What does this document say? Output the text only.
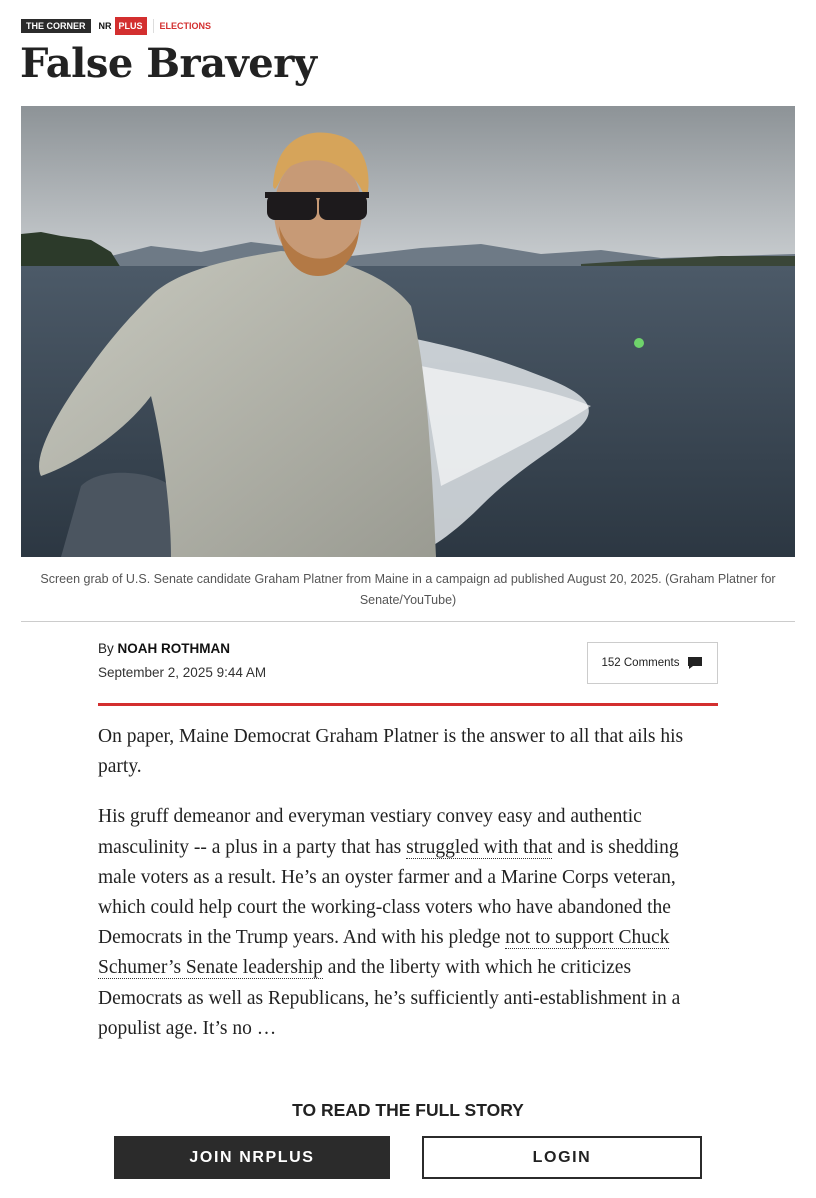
THE CORNER	NR PLUS	ELECTIONS
False Bravery
Screen grab of U.S. Senate candidate Graham Platner from Maine in a campaign ad published August 20, 2025. (Graham Platner for Senate/YouTube)
By NOAH ROTHMAN
September 2, 2025 9:44 AM
152 Comments

On paper, Maine Democrat Graham Platner is the answer to all that ails his party.

His gruff demeanor and everyman vestiary convey easy and authentic masculinity -- a plus in a party that has struggled with that and is shedding male voters as a result. He’s an oyster farmer and a Marine Corps veteran, which could help court the working-class voters who have abandoned the Democrats in the Trump years. And with his pledge not to support Chuck Schumer’s Senate leadership and the liberty with which he criticizes Democrats as well as Republicans, he’s sufficiently anti-establishment in a populist age. It’s no …

TO READ THE FULL STORY
JOIN NRPLUS	LOGIN
